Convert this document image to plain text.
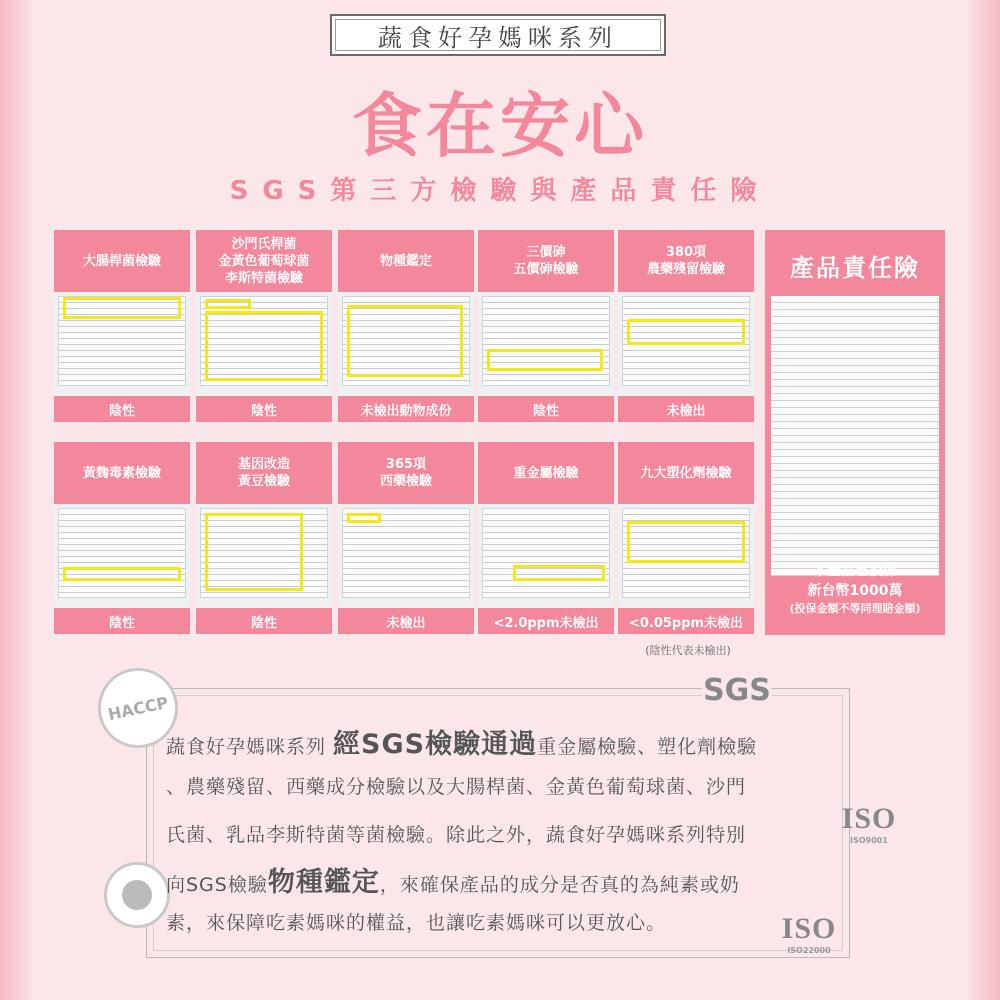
蔬食好孕媽咪系列
食在安心
SGS第三方檢驗與產品責任險
大腸桿菌檢驗
陰性
沙門氏桿菌
金黃色葡萄球菌
李斯特菌檢驗
陰性
物種鑑定
未檢出動物成份
三價砷
五價砷檢驗
陰性
380項
農藥殘留檢驗
未檢出
黃麴毒素檢驗
陰性
基因改造
黃豆檢驗
陰性
365項
西藥檢驗
未檢出
重金屬檢驗
<2.0ppm未檢出
九大塑化劑檢驗
<0.05ppm未檢出
產品責任險
本產品已投保
新台幣1000萬
(投保金額不等同理賠金額)
(陰性代表未檢出)
SGS
HACCP
蔬食好孕媽咪系列 經SGS檢驗通過重金屬檢驗、塑化劑檢驗
、農藥殘留、西藥成分檢驗以及大腸桿菌、金黃色葡萄球菌、沙門
氏菌、乳品李斯特菌等菌檢驗。除此之外，蔬食好孕媽咪系列特別
向SGS檢驗物種鑑定，來確保產品的成分是否真的為純素或奶
素，來保障吃素媽咪的權益，也讓吃素媽咪可以更放心。
ISO
ISO9001
ISO
ISO22000
